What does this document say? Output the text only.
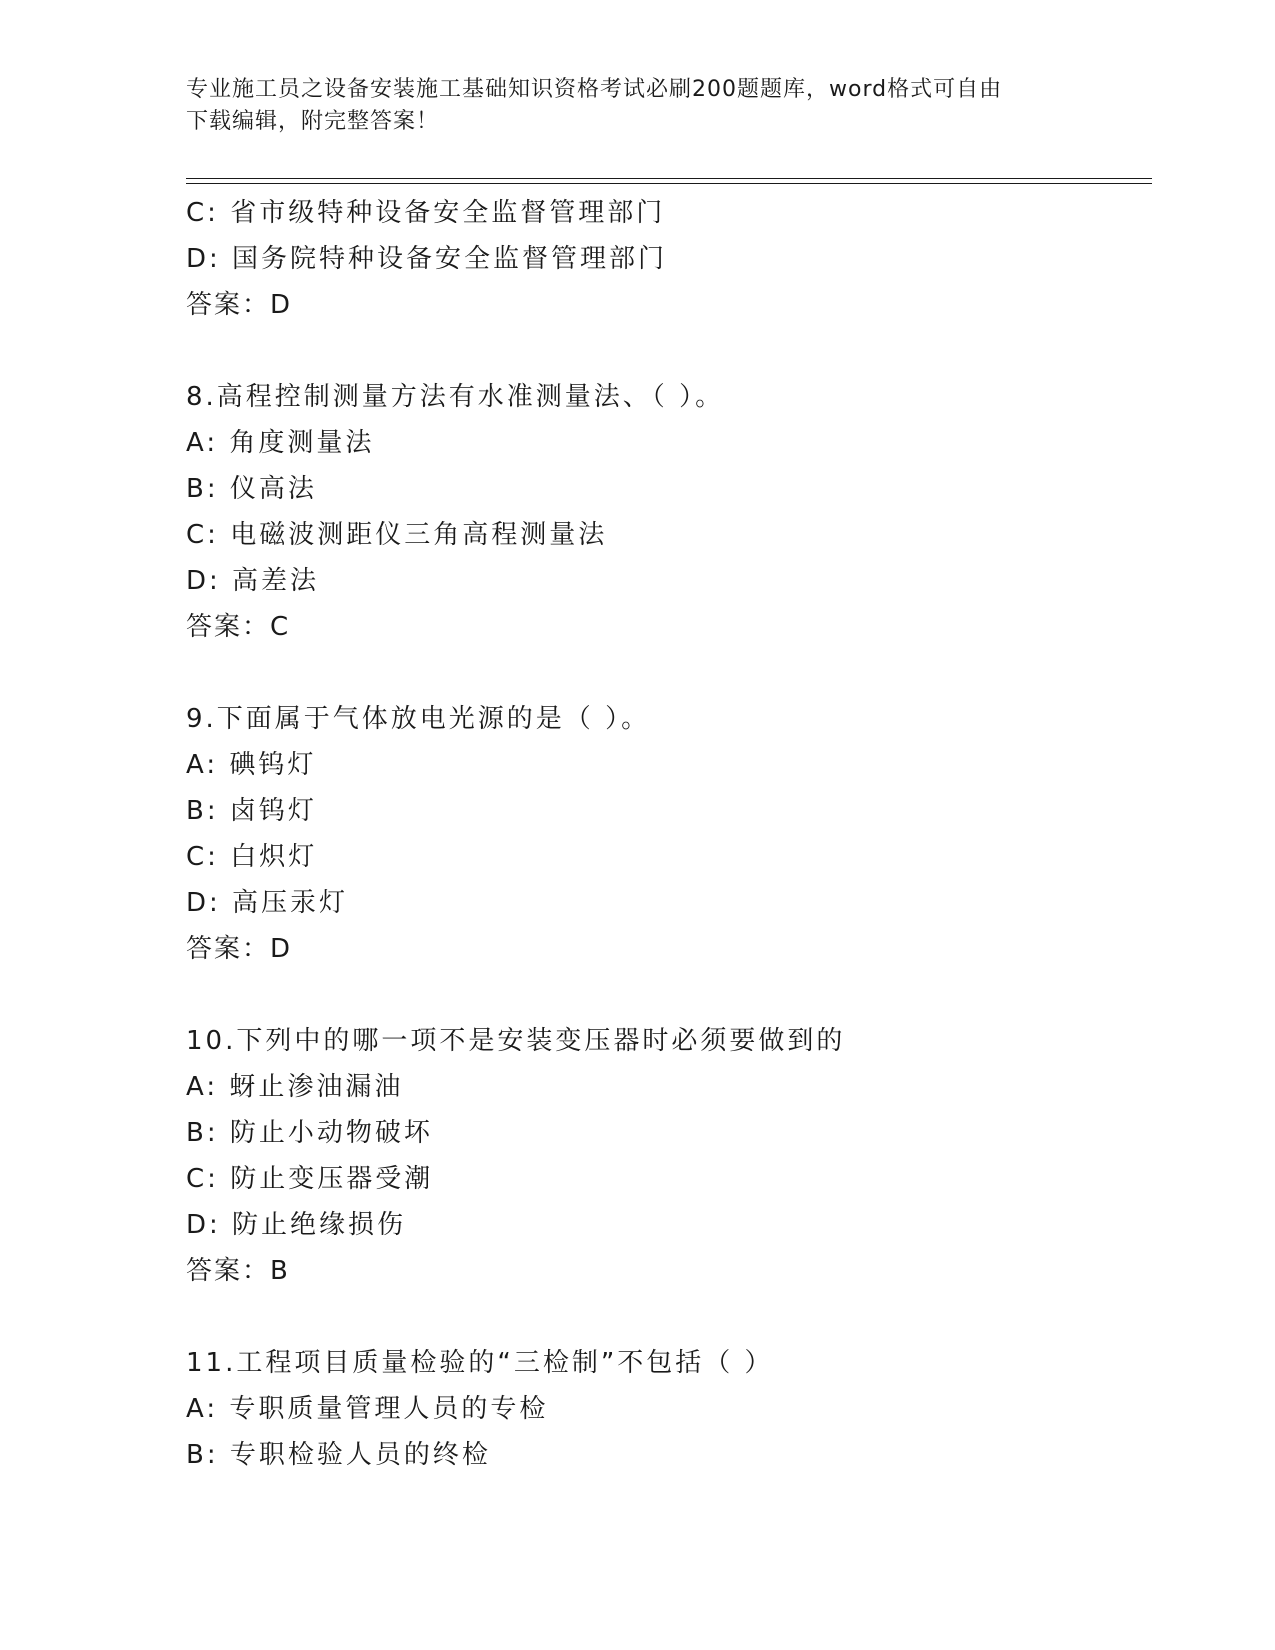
专业施工员之设备安装施工基础知识资格考试必刷200题题库，word格式可自由
下载编辑，附完整答案！
C: 省市级特种设备安全监督管理部门
D: 国务院特种设备安全监督管理部门
答案：D
8.高程控制测量方法有水准测量法、（ ）。
A: 角度测量法
B: 仪高法
C: 电磁波测距仪三角高程测量法
D: 高差法
答案：C
9.下面属于气体放电光源的是（ ）。
A: 碘钨灯
B: 卤钨灯
C: 白炽灯
D: 高压汞灯
答案：D
10.下列中的哪一项不是安装变压器时必须要做到的
A: 蚜止渗油漏油
B: 防止小动物破坏
C: 防止变压器受潮
D: 防止绝缘损伤
答案：B
11.工程项目质量检验的“三检制”不包括（ ）
A: 专职质量管理人员的专检
B: 专职检验人员的终检
